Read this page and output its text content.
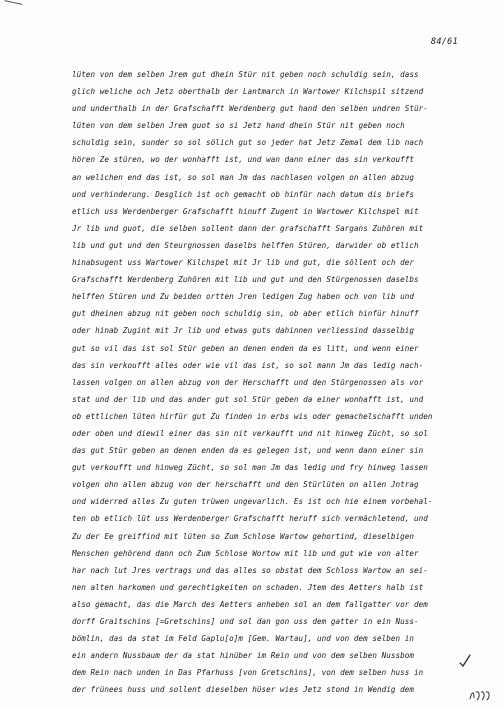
84/61
lüten von dem selben Jrem gut dhein Stür nit geben noch schuldig sein, dass
glich weliche och Jetz oberthalb der Lantmarch in Wartower Kilchspil sitzend
und underthalb in der Grafschafft Werdenberg gut hand den selben undren Stür-
lüten von dem selben Jrem guot so si Jetz hand dhein Stür nit geben noch
schuldig sein, sunder so sol sölich gut so jeder hat Jetz Zemal dem lib nach
hören Ze stüren, wo der wonhafft ist, und wan dann einer das sin verkoufft
an welichen end das ist, so sol man Jm das nachlasen volgen on allen abzug
und verhinderung. Desglich ist och gemacht ob hinfür nach datum dis briefs
etlich uss Werdenberger Grafschafft hinuff Zugent in Wartower Kilchspel mit
Jr lib und guot, die selben sollent dann der grafschafft Sargans Zuhören mit
lib und gut und den Steurgnossen daselbs helffen Stüren, darwider ob etlich
hinabsugent uss Wartower Kilchspel mit Jr lib und gut, die söllent och der
Grafschafft Werdenberg Zuhören mit lib und gut und den Stürgenossen daselbs
helffen Stüren und Zu beiden ortten Jren ledigen Zug haben och von lib und
gut dheinen abzug nit geben noch schuldig sin, ob aber etlich hinfür hinuff
oder hinab Zugint mit Jr lib und etwas guts dahinnen verliessind dasselbig
gut so vil das ist sol Stür geben an denen enden da es litt, und wenn einer
das sin verkoufft alles oder wie vil das ist, so sol mann Jm das ledig nach-
lassen volgen on allen abzug von der Herschafft und den Stürgenossen als vor
stat und der lib und das ander gut sol Stür geben da einer wonhafft ist, und
ob ettlichen lüten hirfür gut Zu finden in erbs wis oder gemachelschafft unden
oder oben und diewil einer das sin nit verkaufft und nit hinweg Zücht, so sol
das gut Stür geben an denen enden da es gelegen ist, und wenn dann einer sin
gut verkoufft und hinweg Zücht, so sol man Jm das ledig und fry hinweg lassen
volgen ohn allen abzug von der herschafft und den Stürlüten on allen Jntrag
und widerred alles Zu guten trüwen ungevarlich. Es ist och hie einem vorbehal-
ten ob etlich lüt uss Werdenberger Grafschafft heruff sich vermächletend, und
Zu der Ee greiffind mit lüten so Zum Schlose Wartow gehortind, dieselbigen
Menschen gehörend dann och Zum Schlose Wortow mit lib und gut wie von alter
har nach lut Jres vertrags und das alles so obstat dem Schloss Wartow an sei-
nen alten harkomen und gerechtigkeiten on schaden. Jtem des Aetters halb ist
also gemacht, das die March des Aetters anheben sol an dem fallgatter vor dem
dorff Graitschins [=Gretschins] und sol dan gon uss dem gatter in ein Nuss-
bömlin, das da stat im Feld Gaplu[o]m [Gem. Wartau], und von dem selben in
ein andern Nussbaum der da stat hinüber im Rein und von dem selben Nussbom
dem Rein nach unden in Das Pfarhuss [von Gretschins], von dem selben huss in
der frünees huss und sollent dieselben hüser wies Jetz stond in Wendig dem
